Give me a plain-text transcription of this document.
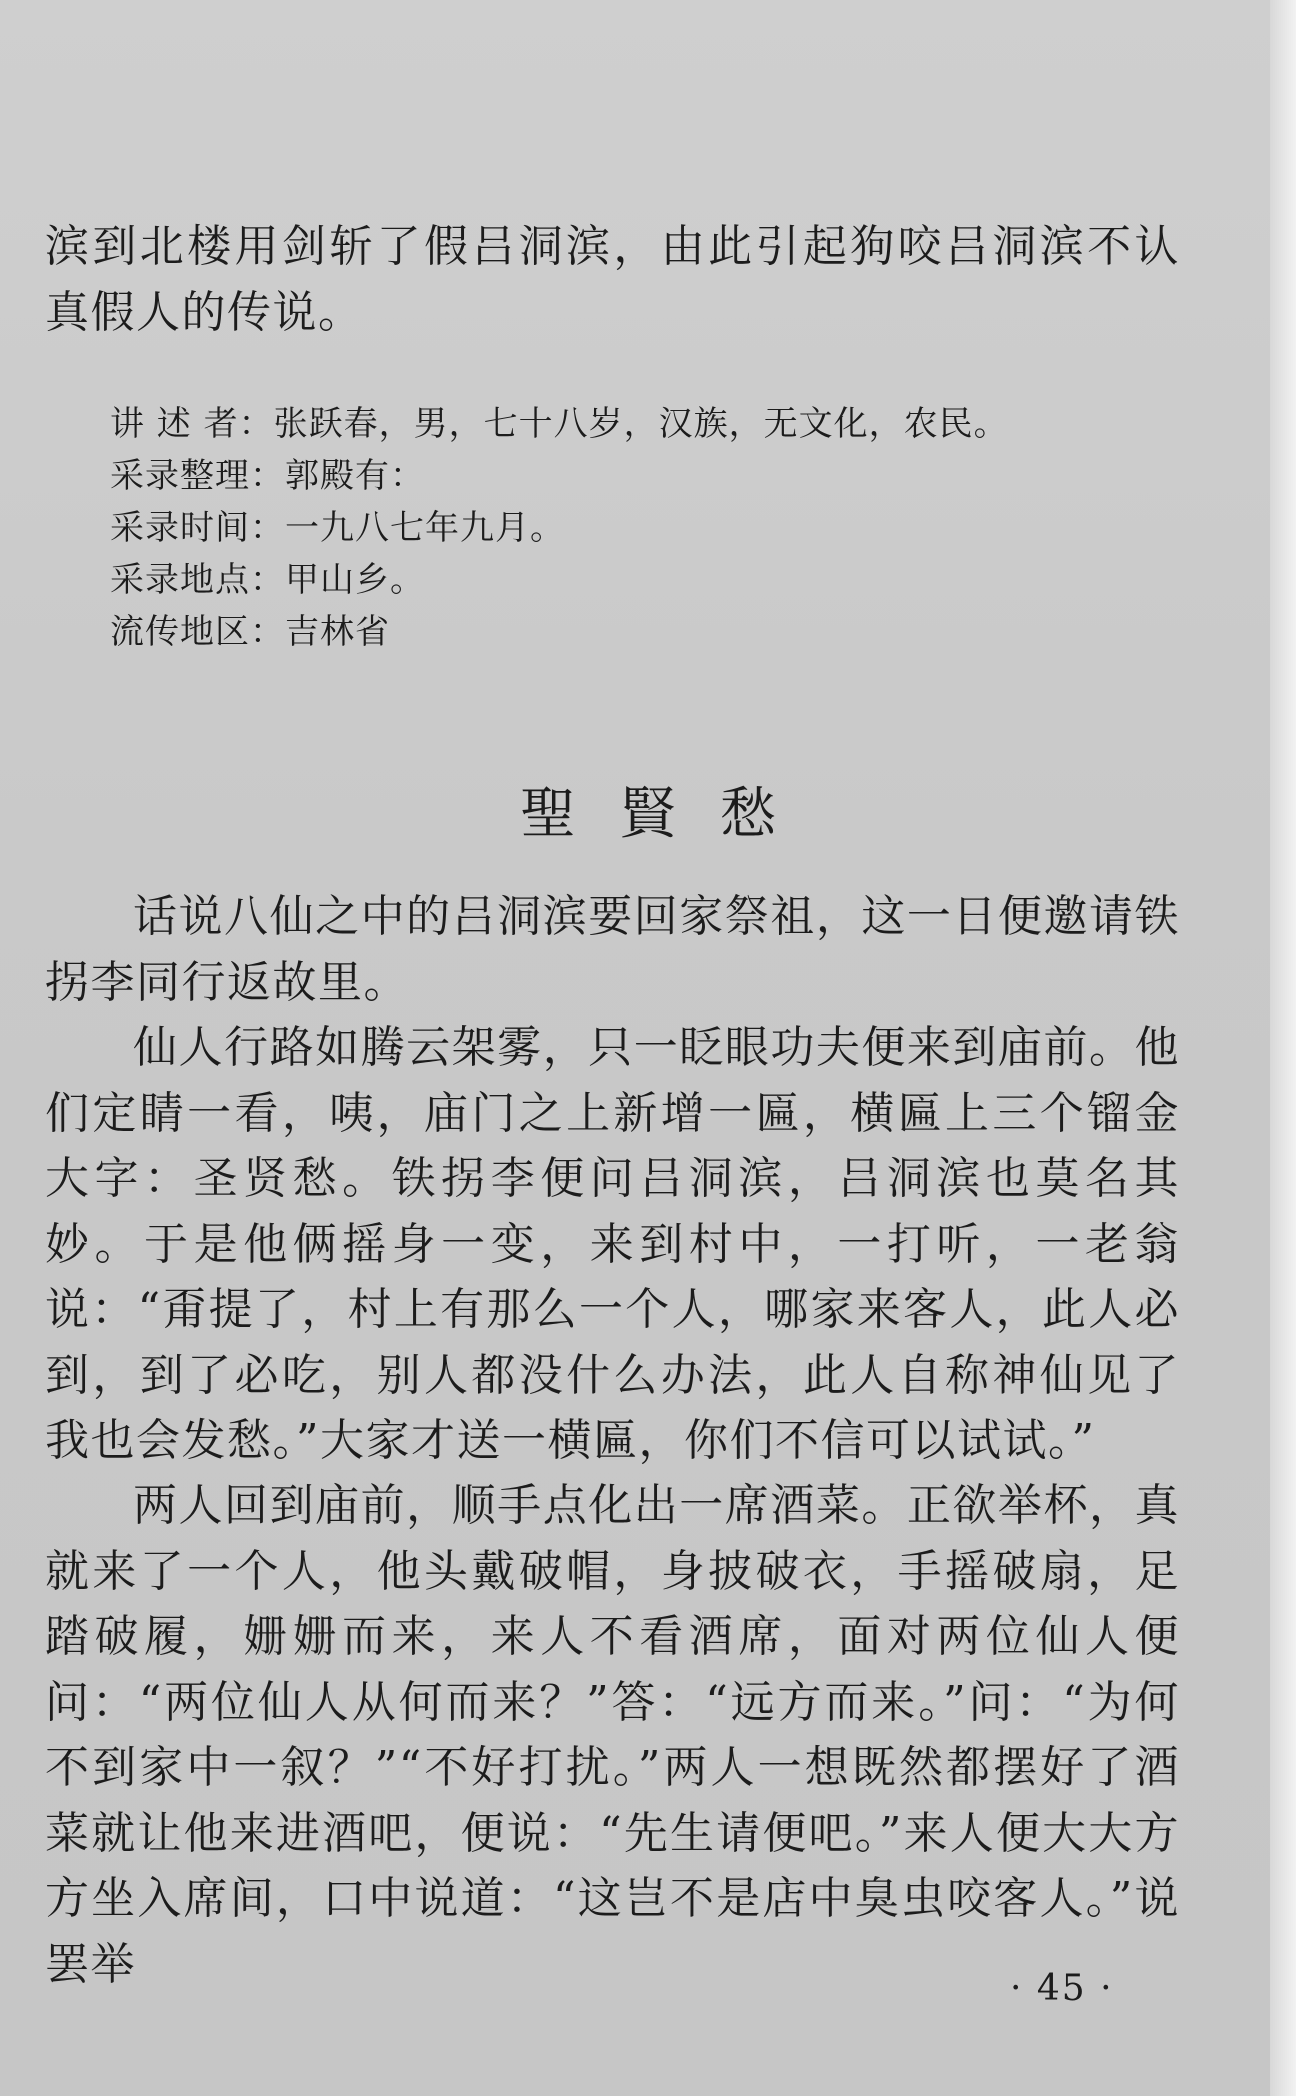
滨到北楼用剑斩了假吕洞滨，由此引起狗咬吕洞滨不认真假人的传说。

讲 述 者：张跃春，男，七十八岁，汉族，无文化，农民。
采录整理：郭殿有：
采录时间：一九八七年九月。
采录地点：甲山乡。
流传地区：吉林省
聖賢愁

话说八仙之中的吕洞滨要回家祭祖，这一日便邀请铁拐李同行返故里。

仙人行路如腾云架雾，只一眨眼功夫便来到庙前。他们定睛一看，咦，庙门之上新增一匾，横匾上三个镏金大字：圣贤愁。铁拐李便问吕洞滨，吕洞滨也莫名其妙。于是他俩摇身一变，来到村中，一打听，一老翁说：“甭提了，村上有那么一个人，哪家来客人，此人必到，到了必吃，别人都没什么办法，此人自称神仙见了我也会发愁。”大家才送一横匾，你们不信可以试试。”

两人回到庙前，顺手点化出一席酒菜。正欲举杯，真就来了一个人，他头戴破帽，身披破衣，手摇破扇，足踏破履，姗姗而来，来人不看酒席，面对两位仙人便问：“两位仙人从何而来？”答：“远方而来。”问：“为何不到家中一叙？”“不好打扰。”两人一想既然都摆好了酒菜就让他来进酒吧，便说：“先生请便吧。”来人便大大方方坐入席间，口中说道：“这岂不是店中臭虫咬客人。”说罢举	· 45 ·
